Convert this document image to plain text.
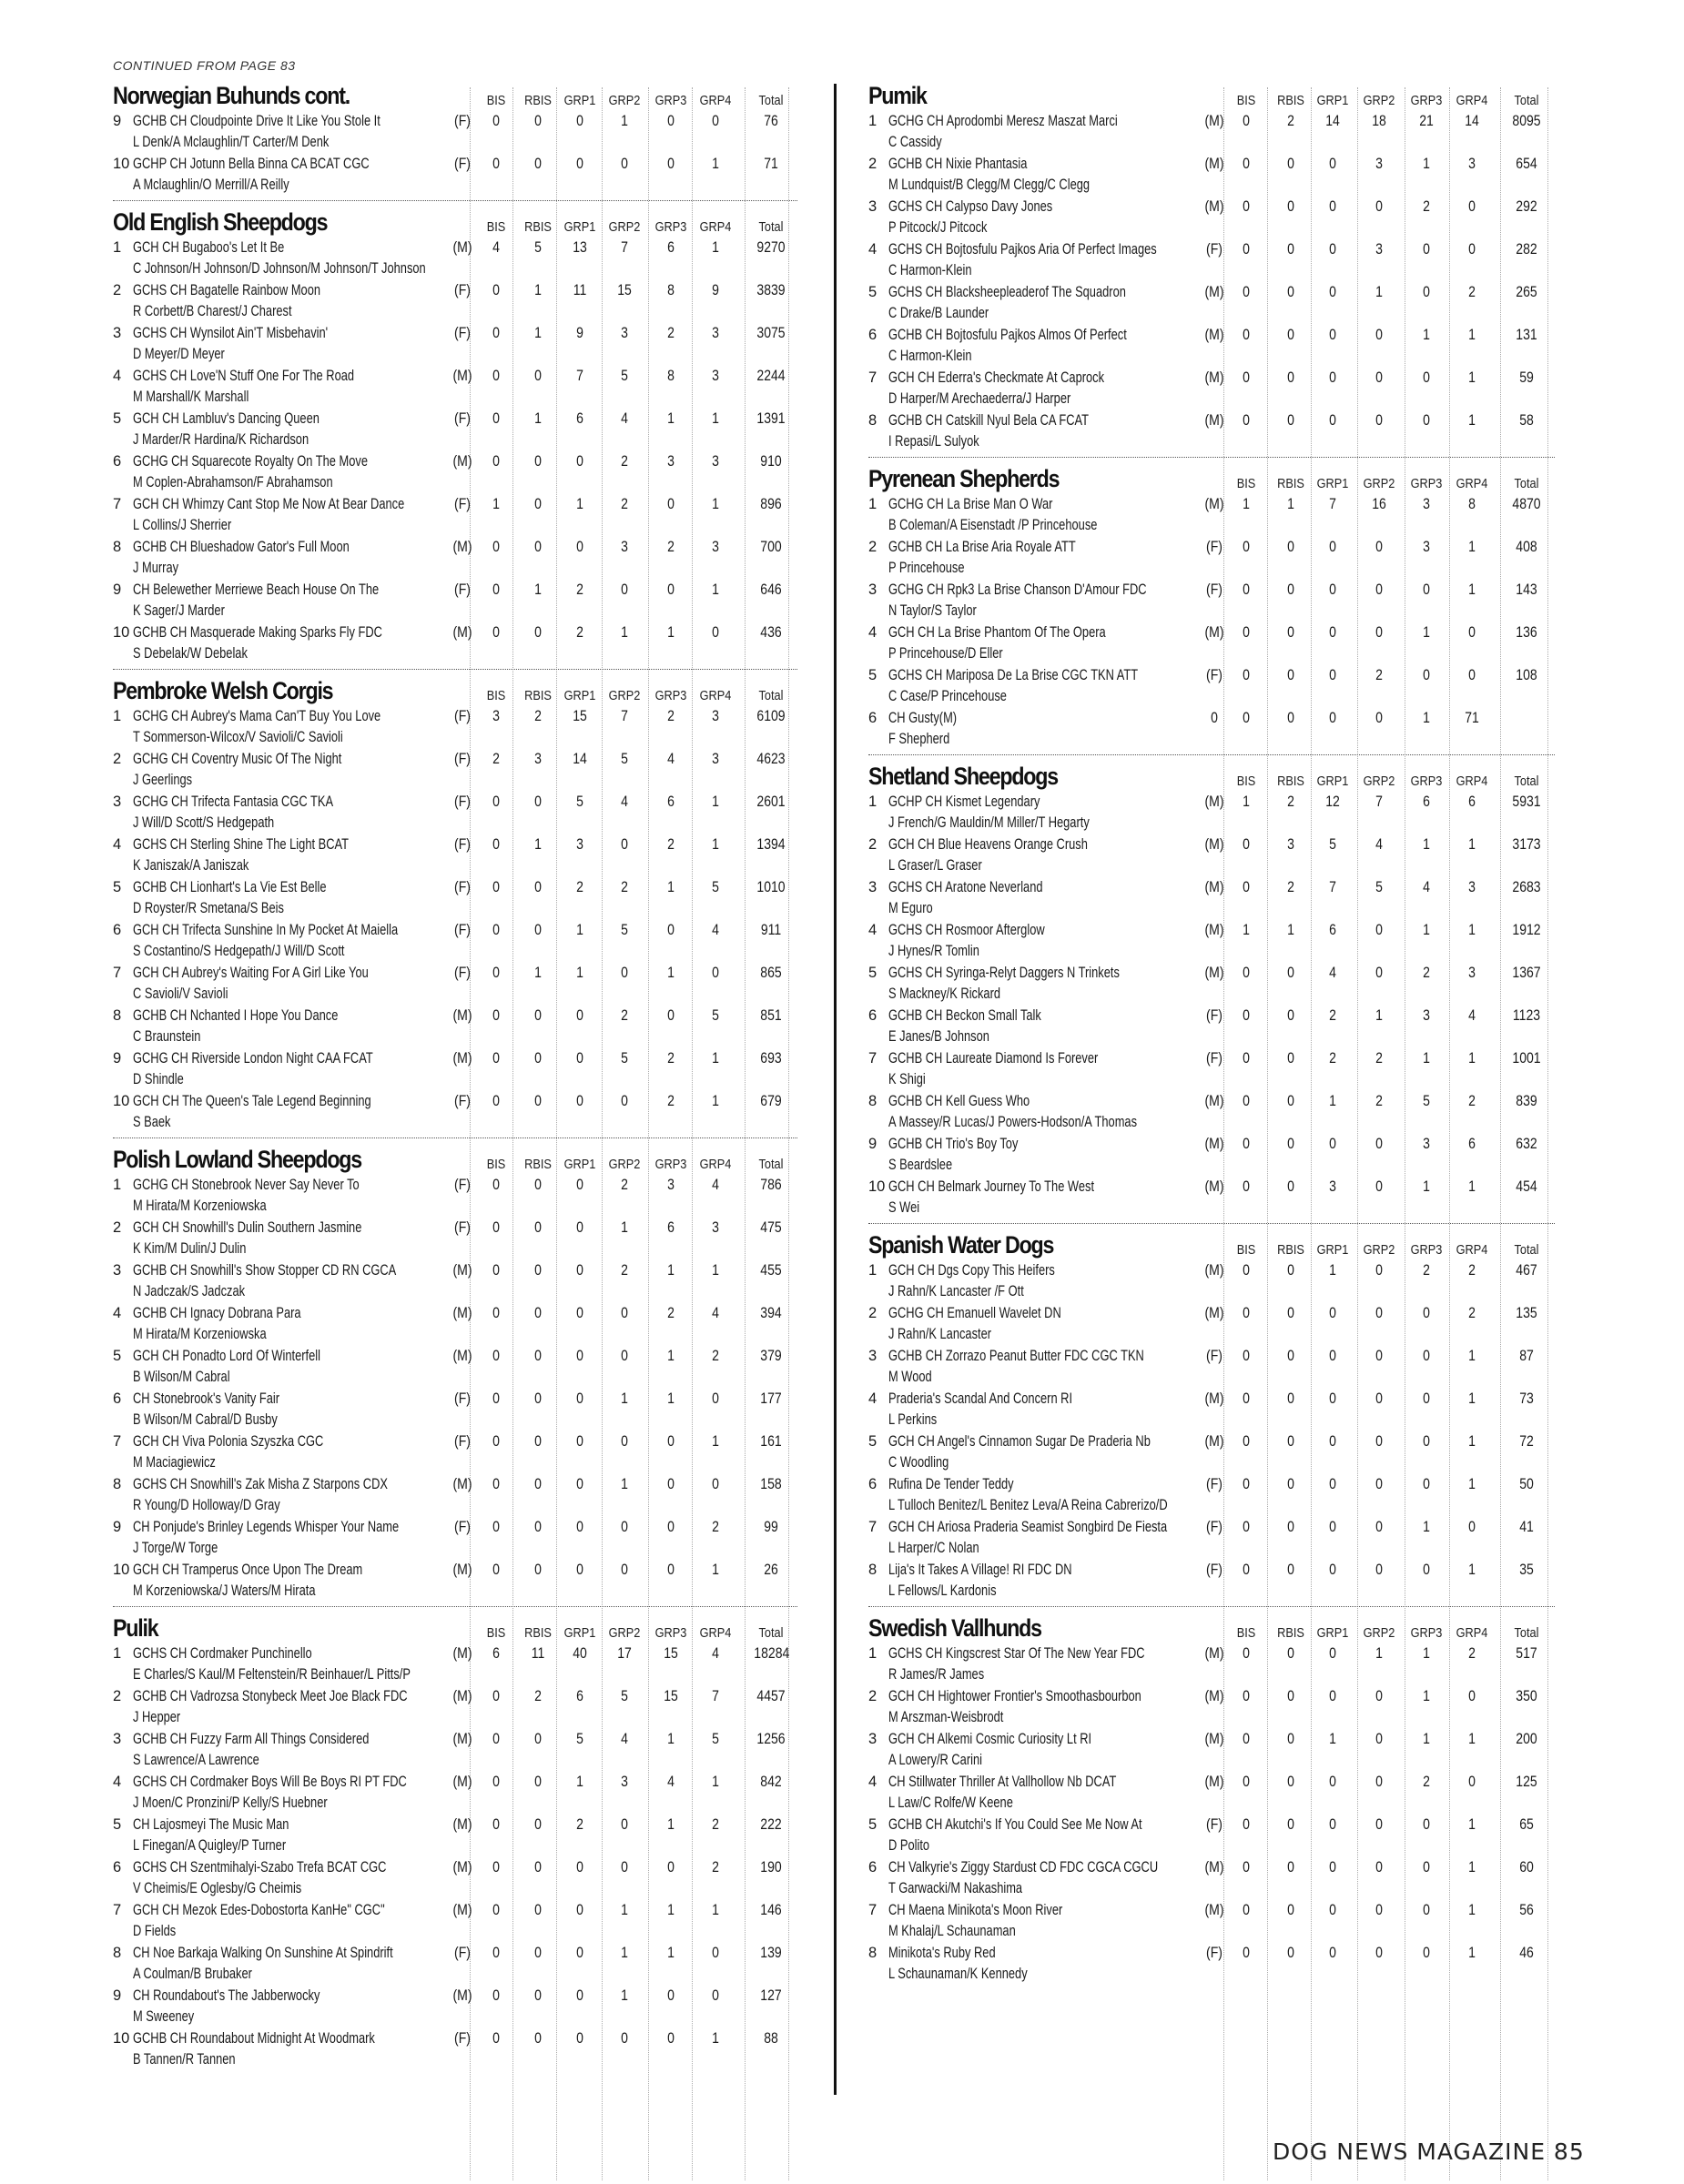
CONTINUED FROM PAGE 83
Norwegian Buhunds cont.	BIS	RBIS GRP1 GRP2 GRP3 GRP4	Total
9 GCHB CH Cloudpointe Drive It Like You Stole It
L Denk/A Mclaughlin/T Carter/M Denk
(F)	0	0	0	1	0	0	76
10 GCHP CH Jotunn Bella Binna CA BCAT CGC
A Mclaughlin/O Merrill/A Reilly
(F)	0	0	0	0	0	1	71
Old English Sheepdogs	BIS	RBIS GRP1 GRP2 GRP3 GRP4	Total
1 GCH CH Bugaboo's Let It Be
C Johnson/H Johnson/D Johnson/M Johnson/T Johnson
(M)	4	5	13	7	6	1	9270
2 GCHS CH Bagatelle Rainbow Moon
R Corbett/B Charest/J Charest
(F)	0	1	11	15	8	9	3839
3 GCHS CH Wynsilot Ain'T Misbehavin'
D Meyer/D Meyer
(F)	0	1	9	3	2	3	3075
4 GCHS CH Love'N Stuff One For The Road
M Marshall/K Marshall
(M)	0	0	7	5	8	3	2244
5 GCH CH Lambluv's Dancing Queen
J Marder/R Hardina/K Richardson
(F)	0	1	6	4	1	1	1391
6 GCHG CH Squarecote Royalty On The Move
M Coplen-Abrahamson/F Abrahamson
(M)	0	0	0	2	3	3	910
7 GCH CH Whimzy Cant Stop Me Now At Bear Dance
L Collins/J Sherrier
(F)	1	0	1	2	0	1	896
8 GCHB CH Blueshadow Gator's Full Moon
J Murray
(M)	0	0	0	3	2	3	700
9 CH Belewether Merriewe Beach House On The
K Sager/J Marder
(F)	0	1	2	0	0	1	646
10 GCHB CH Masquerade Making Sparks Fly FDC
S Debelak/W Debelak
(M)	0	0	2	1	1	0	436
Pembroke Welsh Corgis	BIS	RBIS GRP1 GRP2 GRP3 GRP4	Total
1 GCHG CH Aubrey's Mama Can'T Buy You Love
T Sommerson-Wilcox/V Savioli/C Savioli
(F)	3	2	15	7	2	3	6109
2 GCHG CH Coventry Music Of The Night
J Geerlings
(F)	2	3	14	5	4	3	4623
3 GCHG CH Trifecta Fantasia CGC TKA
J Will/D Scott/S Hedgepath
(F)	0	0	5	4	6	1	2601
4 GCHS CH Sterling Shine The Light BCAT
K Janiszak/A Janiszak
(F)	0	1	3	0	2	1	1394
5 GCHB CH Lionhart's La Vie Est Belle
D Royster/R Smetana/S Beis
(F)	0	0	2	2	1	5	1010
6 GCH CH Trifecta Sunshine In My Pocket At Maiella
S Costantino/S Hedgepath/J Will/D Scott
(F)	0	0	1	5	0	4	911
7 GCH CH Aubrey's Waiting For A Girl Like You
C Savioli/V Savioli
(F)	0	1	1	0	1	0	865
8 GCHB CH Nchanted I Hope You Dance
C Braunstein
(M)	0	0	0	2	0	5	851
9 GCHG CH Riverside London Night CAA FCAT
D Shindle
(M)	0	0	0	5	2	1	693
10 GCH CH The Queen's Tale Legend Beginning
S Baek
(F)	0	0	0	0	2	1	679
Polish Lowland Sheepdogs	BIS	RBIS GRP1 GRP2 GRP3 GRP4	Total
1 GCHG CH Stonebrook Never Say Never To
M Hirata/M Korzeniowska
(F)	0	0	0	2	3	4	786
2 GCH CH Snowhill's Dulin Southern Jasmine
K Kim/M Dulin/J Dulin
(F)	0	0	0	1	6	3	475
3 GCHB CH Snowhill's Show Stopper CD RN CGCA
N Jadczak/S Jadczak
(M)	0	0	0	2	1	1	455
4 GCHB CH Ignacy Dobrana Para
M Hirata/M Korzeniowska
(M)	0	0	0	0	2	4	394
5 GCH CH Ponadto Lord Of Winterfell
B Wilson/M Cabral
(M)	0	0	0	0	1	2	379
6 CH Stonebrook's Vanity Fair
B Wilson/M Cabral/D Busby
(F)	0	0	0	1	1	0	177
7 GCH CH Viva Polonia Szyszka CGC
M Maciagiewicz
(F)	0	0	0	0	0	1	161
8 GCHS CH Snowhill's Zak Misha Z Starpons CDX
R Young/D Holloway/D Gray
(M)	0	0	0	1	0	0	158
9 CH Ponjude's Brinley Legends Whisper Your Name
J Torge/W Torge
(F)	0	0	0	0	0	2	99
10 GCH CH Tramperus Once Upon The Dream
M Korzeniowska/J Waters/M Hirata
(M)	0	0	0	0	0	1	26
Pulik	BIS	RBIS GRP1 GRP2 GRP3 GRP4	Total
1 GCHS CH Cordmaker Punchinello
E Charles/S Kaul/M Feltenstein/R Beinhauer/L Pitts/P
(M)	6	11	40	17	15	4	18284
2 GCHB CH Vadrozsa Stonybeck Meet Joe Black FDC
J Hepper
(M)	0	2	6	5	15	7	4457
3 GCHB CH Fuzzy Farm All Things Considered
S Lawrence/A Lawrence
(M)	0	0	5	4	1	5	1256
4 GCHS CH Cordmaker Boys Will Be Boys RI PT FDC
J Moen/C Pronzini/P Kelly/S Huebner
(M)	0	0	1	3	4	1	842
5 CH Lajosmeyi The Music Man
L Finegan/A Quigley/P Turner
(M)	0	0	2	0	1	2	222
6 GCHS CH Szentmihalyi-Szabo Trefa BCAT CGC
V Cheimis/E Oglesby/G Cheimis
(M)	0	0	0	0	0	2	190
7 GCH CH Mezok Edes-Dobostorta KanHe" CGC"
D Fields
(M)	0	0	0	1	1	1	146
8 CH Noe Barkaja Walking On Sunshine At Spindrift
A Coulman/B Brubaker
(F)	0	0	0	1	1	0	139
9 CH Roundabout's The Jabberwocky
M Sweeney
(M)	0	0	0	1	0	0	127
10 GCHB CH Roundabout Midnight At Woodmark
B Tannen/R Tannen
(F)	0	0	0	0	0	1	88
Pumik	BIS	RBIS GRP1 GRP2 GRP3 GRP4	Total
1 GCHG CH Aprodombi Meresz Maszat Marci
C Cassidy
(M)	0	2	14	18	21	14	8095
2 GCHB CH Nixie Phantasia
M Lundquist/B Clegg/M Clegg/C Clegg
(M)	0	0	0	3	1	3	654
3 GCHS CH Calypso Davy Jones
P Pitcock/J Pitcock
(M)	0	0	0	0	2	0	292
4 GCHS CH Bojtosfulu Pajkos Aria Of Perfect Images
C Harmon-Klein
(F)	0	0	0	3	0	0	282
5 GCHS CH Blacksheepleaderof The Squadron
C Drake/B Launder
(M)	0	0	0	1	0	2	265
6 GCHB CH Bojtosfulu Pajkos Almos Of Perfect
C Harmon-Klein
(M)	0	0	0	0	1	1	131
7 GCH CH Ederra's Checkmate At Caprock
D Harper/M Arechaederra/J Harper
(M)	0	0	0	0	0	1	59
8 GCHB CH Catskill Nyul Bela CA FCAT
I Repasi/L Sulyok
(M)	0	0	0	0	0	1	58
Pyrenean Shepherds	BIS	RBIS GRP1 GRP2 GRP3 GRP4	Total
1 GCHG CH La Brise Man O War
B Coleman/A Eisenstadt /P Princehouse
(M)	1	1	7	16	3	8	4870
2 GCHB CH La Brise Aria Royale ATT
P Princehouse
(F)	0	0	0	0	3	1	408
3 GCHG CH Rpk3 La Brise Chanson D'Amour FDC
N Taylor/S Taylor
(F)	0	0	0	0	0	1	143
4 GCH CH La Brise Phantom Of The Opera
P Princehouse/D Eller
(M)	0	0	0	0	1	0	136
5 GCHS CH Mariposa De La Brise CGC TKN ATT
C Case/P Princehouse
(F)	0	0	0	2	0	0	108
6 CH Gusty(M)
F Shepherd
0	0	0	0	0	1	71
Shetland Sheepdogs	BIS	RBIS GRP1 GRP2 GRP3 GRP4	Total
1 GCHP CH Kismet Legendary
J French/G Mauldin/M Miller/T Hegarty
(M)	1	2	12	7	6	6	5931
2 GCH CH Blue Heavens Orange Crush
L Graser/L Graser
(M)	0	3	5	4	1	1	3173
3 GCHS CH Aratone Neverland
M Eguro
(M)	0	2	7	5	4	3	2683
4 GCHS CH Rosmoor Afterglow
J Hynes/R Tomlin
(M)	1	1	6	0	1	1	1912
5 GCHS CH Syringa-Relyt Daggers N Trinkets
S Mackney/K Rickard
(M)	0	0	4	0	2	3	1367
6 GCHB CH Beckon Small Talk
E Janes/B Johnson
(F)	0	0	2	1	3	4	1123
7 GCHB CH Laureate Diamond Is Forever
K Shigi
(F)	0	0	2	2	1	1	1001
8 GCHB CH Kell Guess Who
A Massey/R Lucas/J Powers-Hodson/A Thomas
(M)	0	0	1	2	5	2	839
9 GCHB CH Trio's Boy Toy
S Beardslee
(M)	0	0	0	0	3	6	632
10 GCH CH Belmark Journey To The West
S Wei
(M)	0	0	3	0	1	1	454
Spanish Water Dogs	BIS	RBIS GRP1 GRP2 GRP3 GRP4	Total
1 GCH CH Dgs Copy This Heifers
J Rahn/K Lancaster /F Ott
(M)	0	0	1	0	2	2	467
2 GCHG CH Emanuell Wavelet DN
J Rahn/K Lancaster
(M)	0	0	0	0	0	2	135
3 GCHB CH Zorrazo Peanut Butter FDC CGC TKN
M Wood
(F)	0	0	0	0	0	1	87
4 Praderia's Scandal And Concern RI
L Perkins
(M)	0	0	0	0	0	1	73
5 GCH CH Angel's Cinnamon Sugar De Praderia Nb
C Woodling
(M)	0	0	0	0	0	1	72
6 Rufina De Tender Teddy
L Tulloch Benitez/L Benitez Leva/A Reina Cabrerizo/D
(F)	0	0	0	0	0	1	50
7 GCH CH Ariosa Praderia Seamist Songbird De Fiesta
L Harper/C Nolan
(F)	0	0	0	0	1	0	41
8 Lija's It Takes A Village! RI FDC DN
L Fellows/L Kardonis
(F)	0	0	0	0	0	1	35
Swedish Vallhunds	BIS	RBIS GRP1 GRP2 GRP3 GRP4	Total
1 GCHS CH Kingscrest Star Of The New Year FDC
R James/R James
(M)	0	0	0	1	1	2	517
2 GCH CH Hightower Frontier's Smoothasbourbon
M Arszman-Weisbrodt
(M)	0	0	0	0	1	0	350
3 GCH CH Alkemi Cosmic Curiosity Lt RI
A Lowery/R Carini
(M)	0	0	1	0	1	1	200
4 CH Stillwater Thriller At Vallhollow Nb DCAT
L Law/C Rolfe/W Keene
(M)	0	0	0	0	2	0	125
5 GCHB CH Akutchi's If You Could See Me Now At
D Polito
(F)	0	0	0	0	0	1	65
6 CH Valkyrie's Ziggy Stardust CD FDC CGCA CGCU
T Garwacki/M Nakashima
(M)	0	0	0	0	0	1	60
7 CH Maena Minikota's Moon River
M Khalaj/L Schaunaman
(M)	0	0	0	0	0	1	56
8 Minikota's Ruby Red
L Schaunaman/K Kennedy
(F)	0	0	0	0	0	1	46
DOG NEWS MAGAZINE 85
